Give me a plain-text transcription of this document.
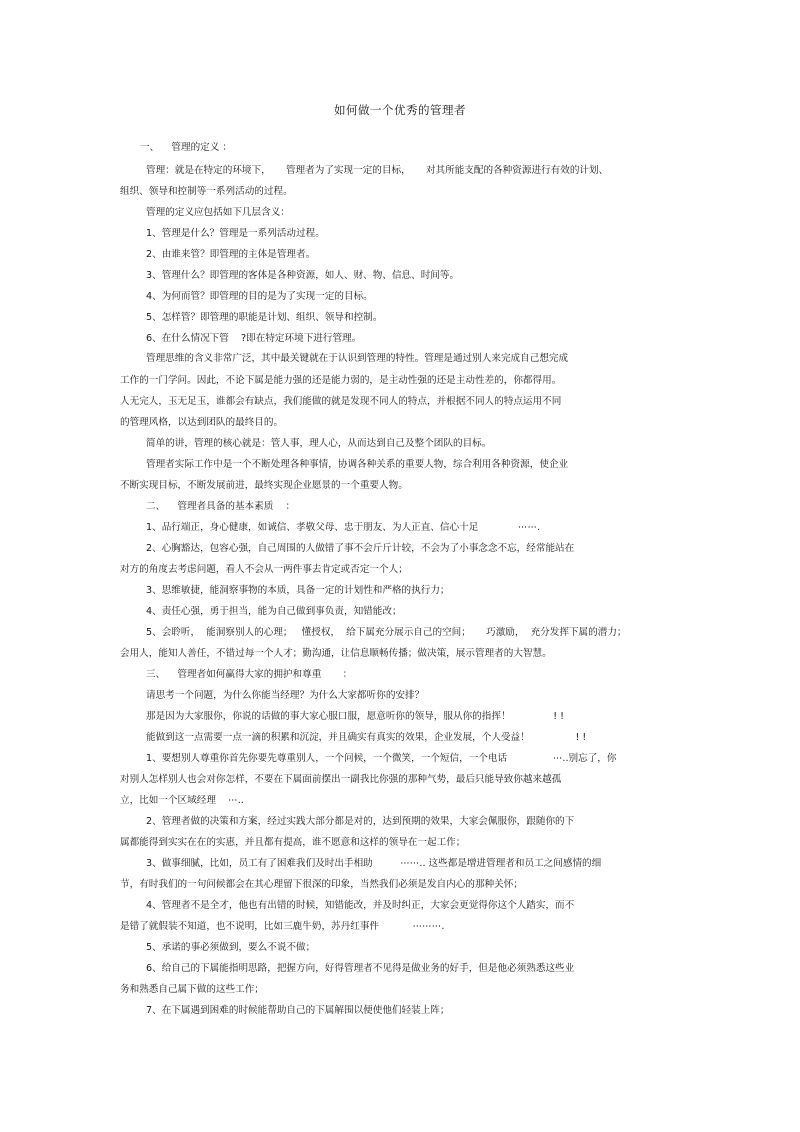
如何做一个优秀的管理者
一、    管理的定义 ：
管理：就是在特定的环境下，     管理者为了实现一定的目标，     对其所能支配的各种资源进行有效的计划、
组织、领导和控制等一系列活动的过程。
管理的定义应包括如下几层含义：
1、管理是什么？管理是一系列活动过程。
2、由谁来管？即管理的主体是管理者。
3、管理什么？即管理的客体是各种资源，如人、财、物、信息、时间等。
4、为何而管？即管理的目的是为了实现一定的目标。
5、怎样管？即管理的职能是计划、组织、领导和控制。
6、在什么情况下管    ?即在特定环境下进行管理。
管理思维的含义非常广泛，其中最关键就在于认识到管理的特性。管理是通过别人来完成自己想完成
工作的一门学问。因此，不论下属是能力强的还是能力弱的，是主动性强的还是主动性差的，你都得用。
人无完人，玉无足玉，谁都会有缺点，我们能做的就是发现不同人的特点，并根据不同人的特点运用不同
的管理风格，以达到团队的最终目的。
简单的讲，管理的核心就是：管人事，理人心，从而达到自己及整个团队的目标。
管理者实际工作中是一个不断处理各种事情，协调各种关系的重要人物，综合利用各种资源，使企业
不断实现目标，不断发展前进，最终实现企业愿景的一个重要人物。
二、    管理者具备的基本素质    ：
1、品行端正，身心健康，如诚信、孝敬父母、忠于朋友、为人正直、信心十足             ⋯⋯.
2、心胸豁达，包容心强，自己周围的人做错了事不会斤斤计较，不会为了小事念念不忘，经常能站在
对方的角度去考虑问题，看人不会从一两件事去肯定或否定一个人；
3、思维敏捷，能洞察事物的本质，具备一定的计划性和严格的执行力；
4、责任心强，勇于担当，能为自己做到事负责，知错能改；
5、会聆听，  能洞察别人的心理；   懂授权，  给下属充分展示自己的空间；     巧激励，  充分发挥下属的潜力；
会用人，能知人善任，不错过每一个人才；勤沟通，让信息顺畅传播；做决策，展示管理者的大智慧。
三、    管理者如何赢得大家的拥护和尊重       ：
请思考一个问题，为什么你能当经理？为什么大家都听你的安排？
那是因为大家服你，你说的话做的事大家心服口服，愿意听你的领导，服从你的指挥！              ! !
能做到这一点需要一点一滴的积累和沉淀，并且确实有真实的效果，企业发展，个人受益！               ! !
1、要想别人尊重你首先你要先尊重别人，一个问候，一个微笑，一个短信，一个电话               ⋯..别忘了，你
对别人怎样别人也会对你怎样，不要在下属面前摆出一副我比你强的那种气势，最后只能导致你越来越孤
立，比如一个区域经理    ⋯..
2、管理者做的决策和方案，经过实践大部分都是对的，达到预期的效果，大家会佩服你，跟随你的下
属都能得到实实在在的实惠，并且都有提高，谁不愿意和这样的领导在一起工作；
3、做事细腻，比如，员工有了困难我们及时出手相助         ⋯⋯.. 这些都是增进管理者和员工之间感情的细
节，有时我们的一句问候都会在其心理留下很深的印象，当然我们必须是发自内心的那种关怀；
4、管理者不是全才，他也有出错的时候，知错能改，并及时纠正，大家会更觉得你这个人踏实，而不
是错了就假装不知道，也不说明，比如三鹿牛奶，苏丹红事件           ⋯⋯⋯.
5、承诺的事必须做到，要么不说不做；
6、给自己的下属能指明思路，把握方向，好得管理者不见得是做业务的好手，但是他必须熟悉这些业
务和熟悉自己属下做的这些工作；
7、在下属遇到困难的时候能帮助自己的下属解围以便使他们轻装上阵；
